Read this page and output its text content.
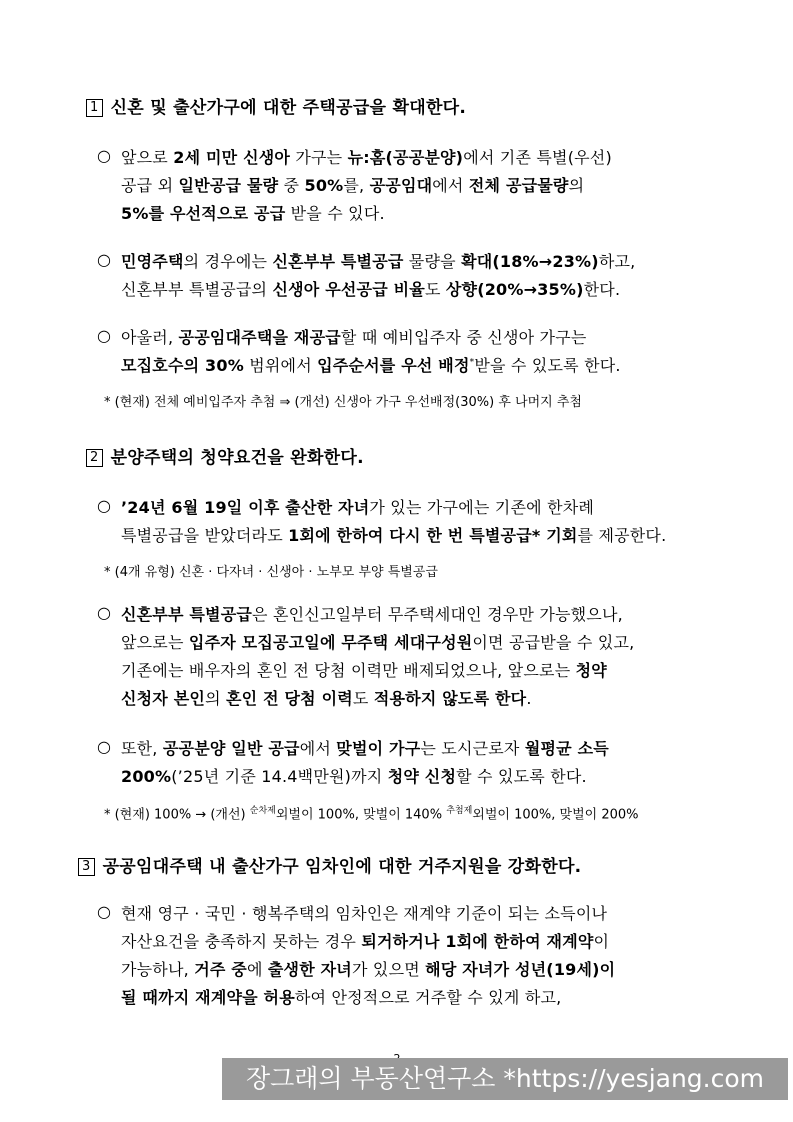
1 신혼 및 출산가구에 대한 주택공급을 확대한다.
○ 앞으로 2세 미만 신생아 가구는 뉴:홈(공공분양)에서 기존 특별(우선)
공급 외 일반공급 물량 중 50%를, 공공임대에서 전체 공급물량의
5%를 우선적으로 공급 받을 수 있다.
○ 민영주택의 경우에는 신혼부부 특별공급 물량을 확대(18%→23%)하고,
신혼부부 특별공급의 신생아 우선공급 비율도 상향(20%→35%)한다.
○ 아울러, 공공임대주택을 재공급할 때 예비입주자 중 신생아 가구는
모집호수의 30% 범위에서 입주순서를 우선 배정*받을 수 있도록 한다.
* (현재) 전체 예비입주자 추첨 ⇒ (개선) 신생아 가구 우선배정(30%) 후 나머지 추첨
2 분양주택의 청약요건을 완화한다.
○ ’24년 6월 19일 이후 출산한 자녀가 있는 가구에는 기존에 한차례
특별공급을 받았더라도 1회에 한하여 다시 한 번 특별공급* 기회를 제공한다.
* (4개 유형) 신혼 · 다자녀 · 신생아 · 노부모 부양 특별공급
○ 신혼부부 특별공급은 혼인신고일부터 무주택세대인 경우만 가능했으나,
앞으로는 입주자 모집공고일에 무주택 세대구성원이면 공급받을 수 있고,
기존에는 배우자의 혼인 전 당첨 이력만 배제되었으나, 앞으로는 청약
신청자 본인의 혼인 전 당첨 이력도 적용하지 않도록 한다.
○ 또한, 공공분양 일반 공급에서 맞벌이 가구는 도시근로자 월평균 소득
200%(’25년 기준 14.4백만원)까지 청약 신청할 수 있도록 한다.
* (현재) 100% → (개선) $^{순차제}$외벌이 100%, 맞벌이 140% $^{추첨제}$외벌이 100%, 맞벌이 200%
3 공공임대주택 내 출산가구 임차인에 대한 거주지원을 강화한다.
○ 현재 영구 · 국민 · 행복주택의 임차인은 재계약 기준이 되는 소득이나
자산요건을 충족하지 못하는 경우 퇴거하거나 1회에 한하여 재계약이
가능하나, 거주 중에 출생한 자녀가 있으면 해당 자녀가 성년(19세)이
될 때까지 재계약을 허용하여 안정적으로 거주할 수 있게 하고,
장그래의 부동산연구소 *https://yesjang.com
